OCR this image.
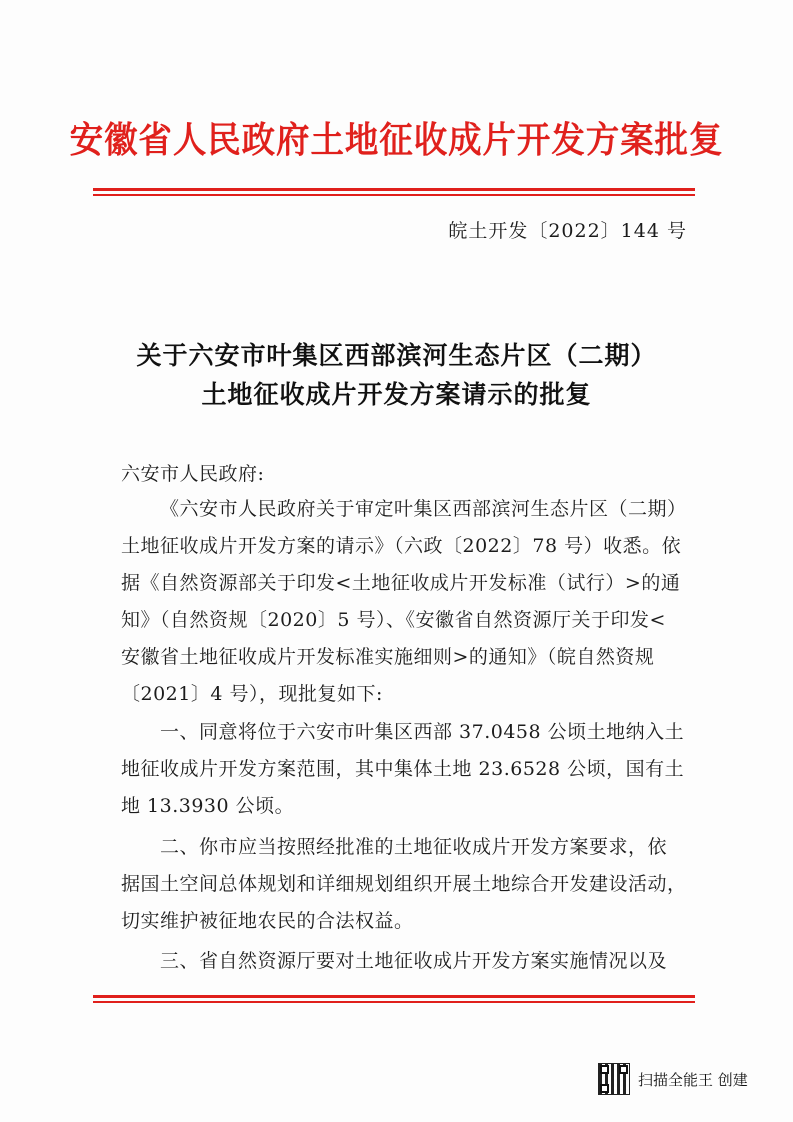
安徽省人民政府土地征收成片开发方案批复
皖土开发〔2022〕144 号
关于六安市叶集区西部滨河生态片区（二期）
土地征收成片开发方案请示的批复
六安市人民政府:
《六安市人民政府关于审定叶集区西部滨河生态片区（二期）
土地征收成片开发方案的请示》（六政〔2022〕78 号）收悉。依
据《自然资源部关于印发<土地征收成片开发标准（试行）>的通
知》（自然资规〔2020〕5 号）、《安徽省自然资源厅关于印发<
安徽省土地征收成片开发标准实施细则>的通知》（皖自然资规
〔2021〕4 号），现批复如下:
一、同意将位于六安市叶集区西部 37.0458 公顷土地纳入土
地征收成片开发方案范围，其中集体土地 23.6528 公顷，国有土
地 13.3930 公顷。
二、你市应当按照经批准的土地征收成片开发方案要求，依
据国土空间总体规划和详细规划组织开展土地综合开发建设活动，
切实维护被征地农民的合法权益。
三、省自然资源厅要对土地征收成片开发方案实施情况以及
扫描全能王 创建
